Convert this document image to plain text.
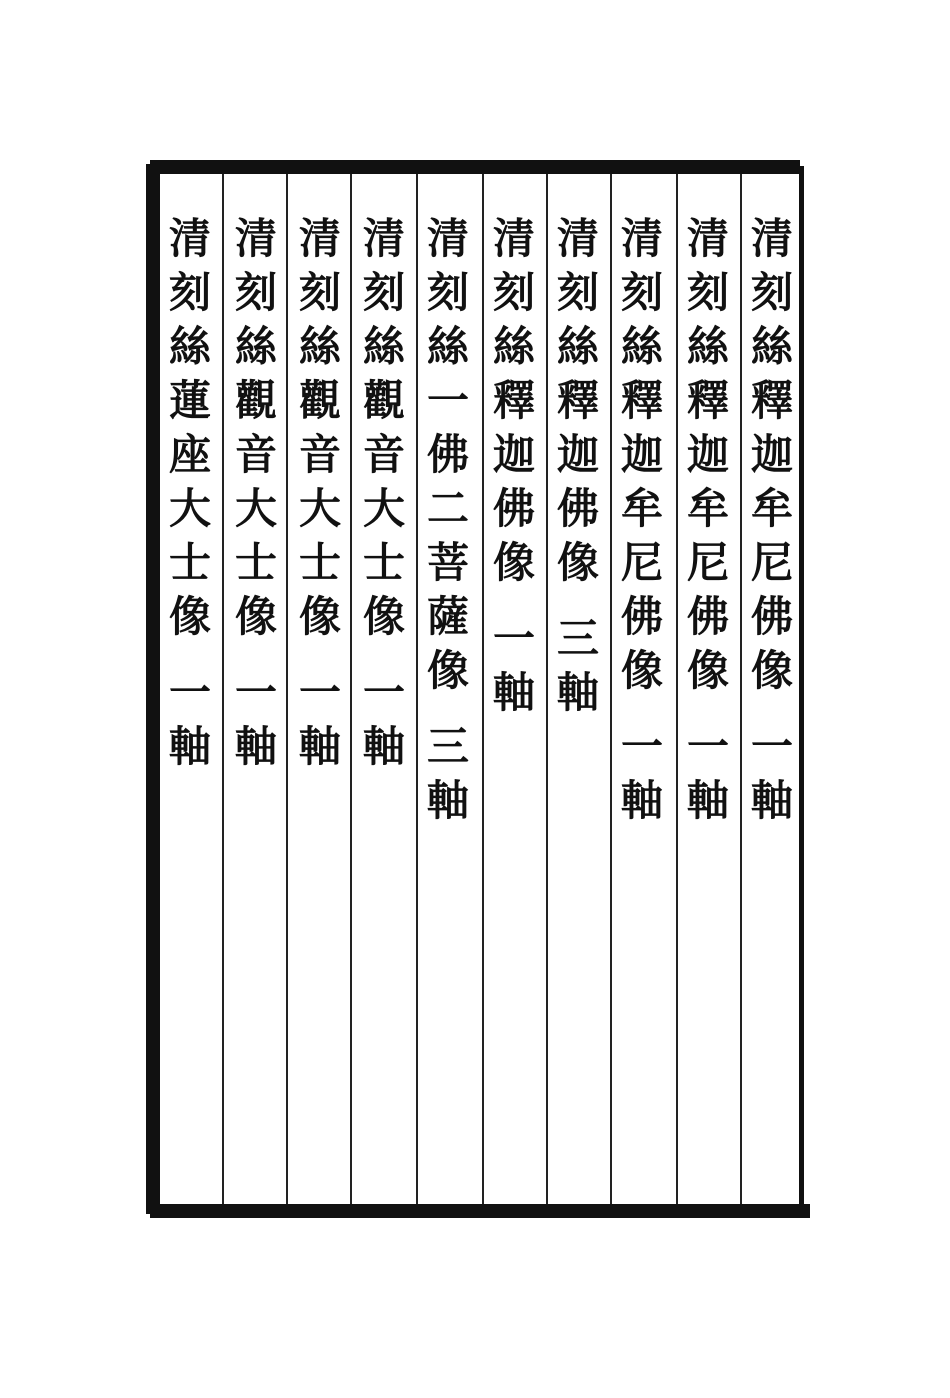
清
刻
絲
釋
迦
牟
尼
佛
像
一
軸
清
刻
絲
釋
迦
牟
尼
佛
像
一
軸
清
刻
絲
釋
迦
牟
尼
佛
像
一
軸
清
刻
絲
釋
迦
佛
像
三
軸
清
刻
絲
釋
迦
佛
像
一
軸
清
刻
絲
一
佛
二
菩
薩
像
三
軸
清
刻
絲
觀
音
大
士
像
一
軸
清
刻
絲
觀
音
大
士
像
一
軸
清
刻
絲
觀
音
大
士
像
一
軸
清
刻
絲
蓮
座
大
士
像
一
軸
